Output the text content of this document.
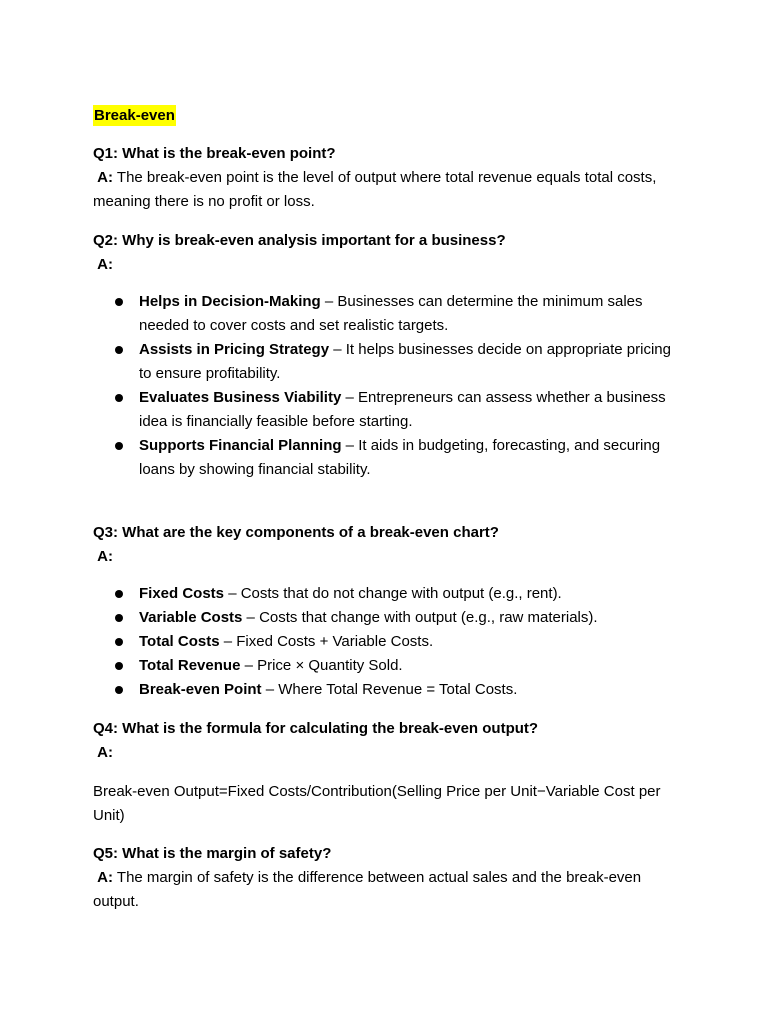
Break-even
Q1: What is the break-even point?
A: The break-even point is the level of output where total revenue equals total costs, meaning there is no profit or loss.
Q2: Why is break-even analysis important for a business?
A:
Helps in Decision-Making – Businesses can determine the minimum sales needed to cover costs and set realistic targets.
Assists in Pricing Strategy – It helps businesses decide on appropriate pricing to ensure profitability.
Evaluates Business Viability – Entrepreneurs can assess whether a business idea is financially feasible before starting.
Supports Financial Planning – It aids in budgeting, forecasting, and securing loans by showing financial stability.
Q3: What are the key components of a break-even chart?
A:
Fixed Costs – Costs that do not change with output (e.g., rent).
Variable Costs – Costs that change with output (e.g., raw materials).
Total Costs – Fixed Costs + Variable Costs.
Total Revenue – Price × Quantity Sold.
Break-even Point – Where Total Revenue = Total Costs.
Q4: What is the formula for calculating the break-even output?
A:
Break-even Output=Fixed Costs/Contribution(Selling Price per Unit−Variable Cost per Unit)
Q5: What is the margin of safety?
A: The margin of safety is the difference between actual sales and the break-even output.
